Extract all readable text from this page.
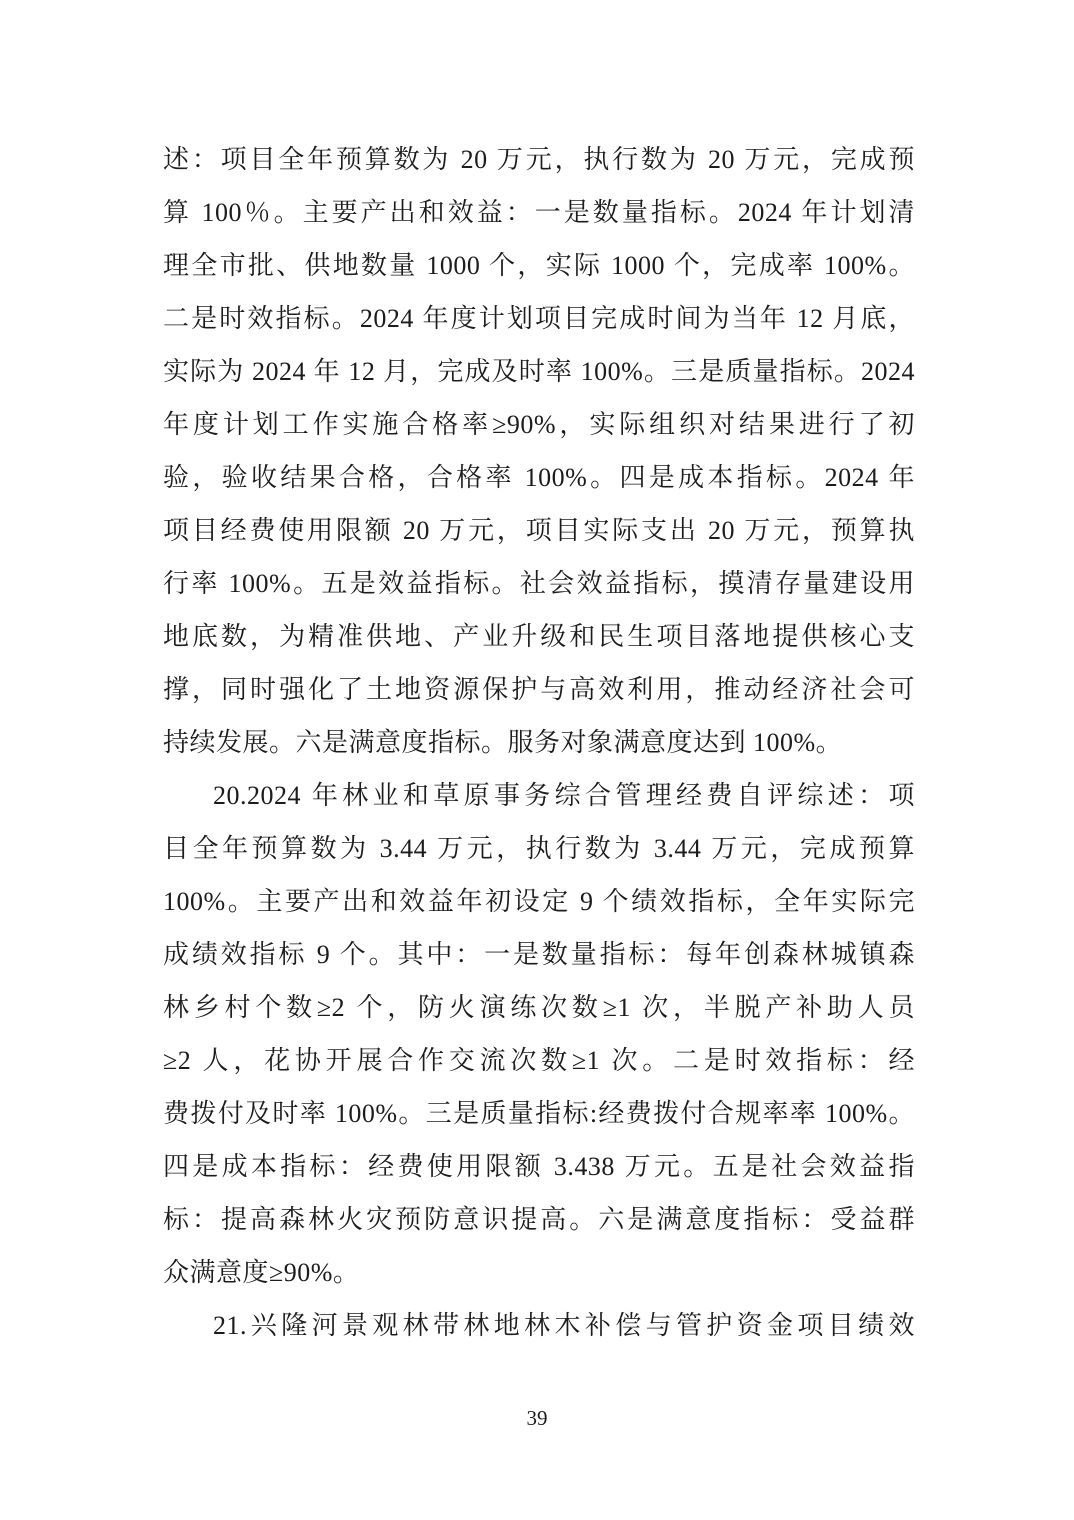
述：项目全年预算数为 20 万元，执行数为 20 万元，完成预
算 100％。主要产出和效益：一是数量指标。2024 年计划清
理全市批、供地数量 1000 个，实际 1000 个，完成率 100%。
二是时效指标。2024 年度计划项目完成时间为当年 12 月底，
实际为 2024 年 12 月，完成及时率 100%。三是质量指标。2024
年度计划工作实施合格率≥90%，实际组织对结果进行了初
验，验收结果合格，合格率 100%。四是成本指标。2024 年
项目经费使用限额 20 万元，项目实际支出 20 万元，预算执
行率 100%。五是效益指标。社会效益指标，摸清存量建设用
地底数，为精准供地、产业升级和民生项目落地提供核心支
撑，同时强化了土地资源保护与高效利用，推动经济社会可
持续发展。六是满意度指标。服务对象满意度达到 100%。
20.2024 年林业和草原事务综合管理经费自评综述：项
目全年预算数为 3.44 万元，执行数为 3.44 万元，完成预算
100%。主要产出和效益年初设定 9 个绩效指标，全年实际完
成绩效指标 9 个。其中：一是数量指标：每年创森林城镇森
林乡村个数≥2 个，防火演练次数≥1 次，半脱产补助人员
≥2 人，花协开展合作交流次数≥1 次。二是时效指标：经
费拨付及时率 100%。三是质量指标:经费拨付合规率率 100%。
四是成本指标：经费使用限额 3.438 万元。五是社会效益指
标：提高森林火灾预防意识提高。六是满意度指标：受益群
众满意度≥90%。
21.兴隆河景观林带林地林木补偿与管护资金项目绩效
39
